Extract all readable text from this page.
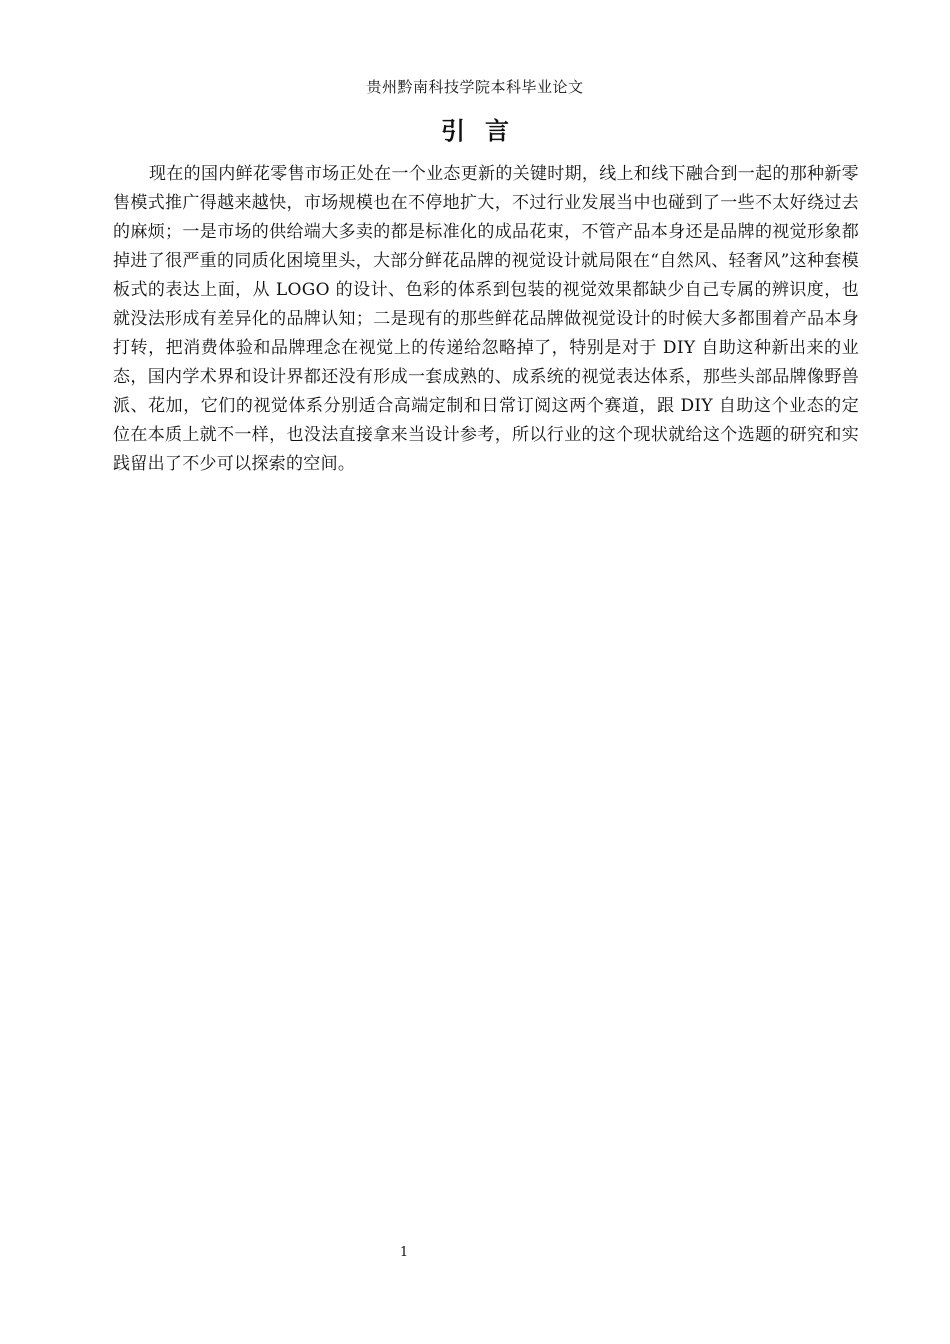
贵州黔南科技学院本科毕业论文
引言

现在的国内鲜花零售市场正处在一个业态更新的关键时期，线上和线下融合到一起的那种新零售模式推广得越来越快，市场规模也在不停地扩大，不过行业发展当中也碰到了一些不太好绕过去的麻烦；一是市场的供给端大多卖的都是标准化的成品花束，不管产品本身还是品牌的视觉形象都掉进了很严重的同质化困境里头，大部分鲜花品牌的视觉设计就局限在“自然风、轻奢风”这种套模板式的表达上面，从 LOGO 的设计、色彩的体系到包装的视觉效果都缺少自己专属的辨识度，也就没法形成有差异化的品牌认知；二是现有的那些鲜花品牌做视觉设计的时候大多都围着产品本身打转，把消费体验和品牌理念在视觉上的传递给忽略掉了，特别是对于 DIY 自助这种新出来的业态，国内学术界和设计界都还没有形成一套成熟的、成系统的视觉表达体系，那些头部品牌像野兽派、花加，它们的视觉体系分别适合高端定制和日常订阅这两个赛道，跟 DIY 自助这个业态的定位在本质上就不一样，也没法直接拿来当设计参考，所以行业的这个现状就给这个选题的研究和实践留出了不少可以探索的空间。

1
